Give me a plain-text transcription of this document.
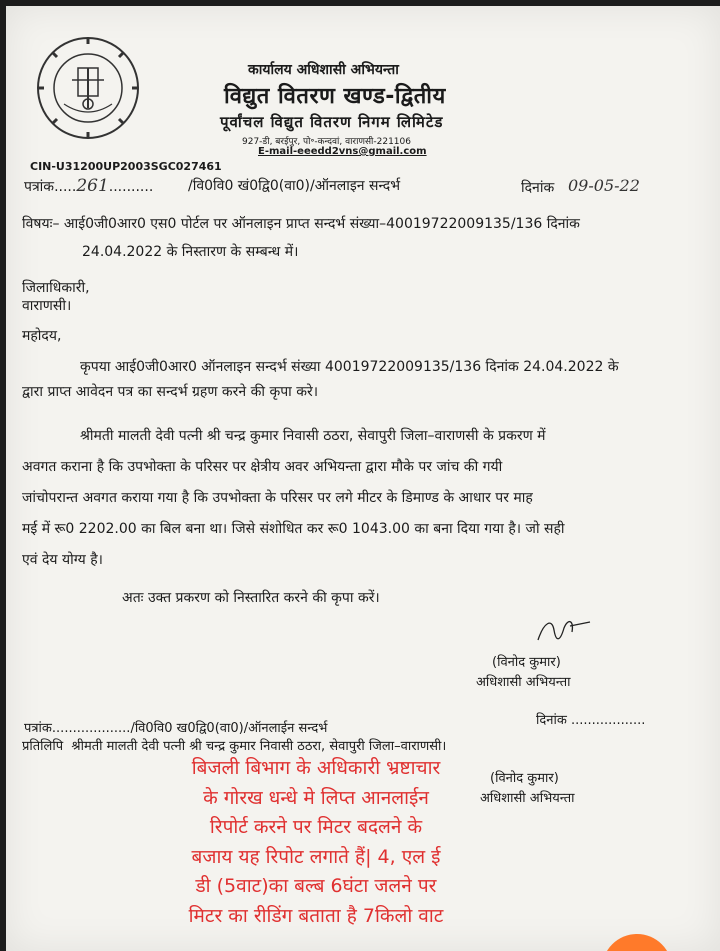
कार्यालय अधिशासी अभियन्ता
विद्युत वितरण खण्ड-द्वितीय
पूर्वांचल विद्युत वितरण निगम लिमिटेड
927-डी, बरईपुर, पो॰-कन्दवां, वाराणसी-221106
E-mail-eeedd2vns@gmail.com
CIN-U31200UP2003SGC027461
पत्रांक.....261.......... /वि0वि0 खं0द्वि0(वा0)/ऑनलाइन सन्दर्भ	दिनांक 09-05-22
विषयः– आई0जी0आर0 एस0 पोर्टल पर ऑनलाइन प्राप्त सन्दर्भ संख्या–40019722009135/136 दिनांक
24.04.2022 के निस्तारण के सम्बन्ध में।
जिलाधिकारी,
वाराणसी।
महोदय,
कृपया आई0जी0आर0 ऑनलाइन सन्दर्भ संख्या 40019722009135/136 दिनांक 24.04.2022 के
द्वारा प्राप्त आवेदन पत्र का सन्दर्भ ग्रहण करने की कृपा करे।
श्रीमती मालती देवी पत्नी श्री चन्द्र कुमार निवासी ठठरा, सेवापुरी जिला–वाराणसी के प्रकरण में
अवगत कराना है कि उपभोक्ता के परिसर पर क्षेत्रीय अवर अभियन्ता द्वारा मौके पर जांच की गयी
जांचोपरान्त अवगत कराया गया है कि उपभोक्ता के परिसर पर लगे मीटर के डिमाण्ड के आधार पर माह
मई में रू0 2202.00 का बिल बना था। जिसे संशोधित कर रू0 1043.00 का बना दिया गया है। जो सही
एवं देय योग्य है।
अतः उक्त प्रकरण को निस्तारित करने की कृपा करें।
(विनोद कुमार)
अधिशासी अभियन्ता
पत्रांक.................../वि0वि0 ख0द्वि0(वा0)/ऑनलाईन सन्दर्भ
दिनांक ..................
प्रतिलिपि श्रीमती मालती देवी पत्नी श्री चन्द्र कुमार निवासी ठठरा, सेवापुरी जिला–वाराणसी।
(विनोद कुमार)
अधिशासी अभियन्ता
बिजली बिभाग के अधिकारी भ्रष्टाचार
के गोरख धन्धे मे लिप्त आनलाईन
रिपोर्ट करने पर मिटर बदलने के
बजाय यह रिपोट लगाते हैं| 4, एल ई
डी (5वाट)का बल्ब 6घंटा जलने पर
मिटर का रीडिंग बताता है 7किलो वाट
